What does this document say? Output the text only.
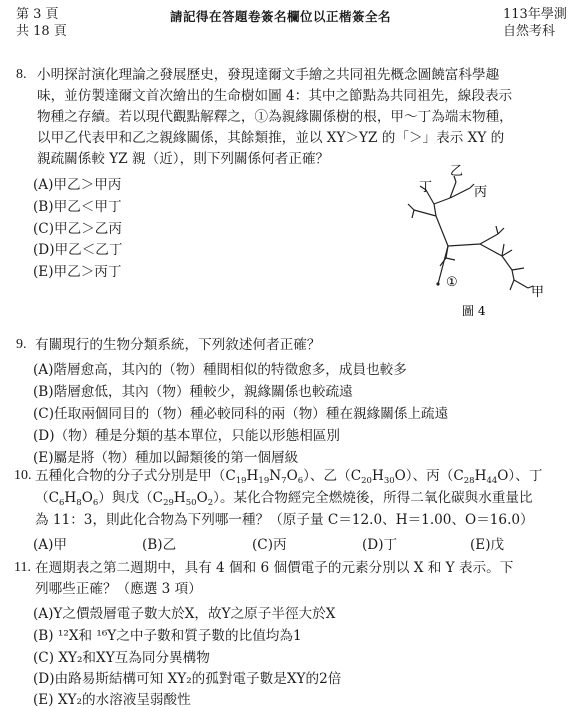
第 3 頁
共 18 頁
請記得在答題卷簽名欄位以正楷簽全名	113年學測
自然考科
8. 小明探討演化理論之發展歷史，發現達爾文手繪之共同祖先概念圖饒富科學趣
味，並仿製達爾文首次繪出的生命樹如圖 4：其中之節點為共同祖先，線段表示
物種之存續。若以現代觀點解釋之，①為親緣關係樹的根，甲～丁為端末物種，
以甲乙代表甲和乙之親緣關係，其餘類推，並以 XY＞YZ 的「＞」表示 XY 的
親疏關係較 YZ 親（近），則下列關係何者正確？
(A)甲乙＞甲丙
(B)甲乙＜甲丁
(C)甲乙＞乙丙
(D)甲乙＜乙丁
(E)甲乙＞丙丁
乙
丁	丙
甲
①
圖 4
9. 有關現行的生物分類系統，下列敘述何者正確？
(A)階層愈高，其內的（物）種間相似的特徵愈多，成員也較多
(B)階層愈低，其內（物）種較少，親緣關係也較疏遠
(C)任取兩個同目的（物）種必較同科的兩（物）種在親緣關係上疏遠
(D)（物）種是分類的基本單位，只能以形態相區別
(E)屬是將（物）種加以歸類後的第一個層級
10. 五種化合物的分子式分別是甲$(C_{19}H_{19}N_7O_6)$、乙$(C_{20}H_{30}O)$、丙$(C_{28}H_{44}O)$、丁
$(C_6H_8O_6)$與戊$(C_{29}H_{50}O_2)$。某化合物經完全燃燒後，所得二氧化碳與水重量比
為 11：3，則此化合物為下列哪一種？（原子量 C＝12.0、H＝1.00、O＝16.0）
(A)甲	(B)乙	(C)丙	(D)丁	(E)戊
11. 在週期表之第二週期中，具有 4 個和 6 個價電子的元素分別以 X 和 Y 表示。下
列哪些正確？（應選 3 項）
(A)Y之價殼層電子數大於X，故Y之原子半徑大於X
(B) ¹²X和 ¹⁶Y之中子數和質子數的比值均為1
(C) XY₂和XY互為同分異構物
(D)由路易斯結構可知 XY₂的孤對電子數是XY的2倍
(E) XY₂的水溶液呈弱酸性
